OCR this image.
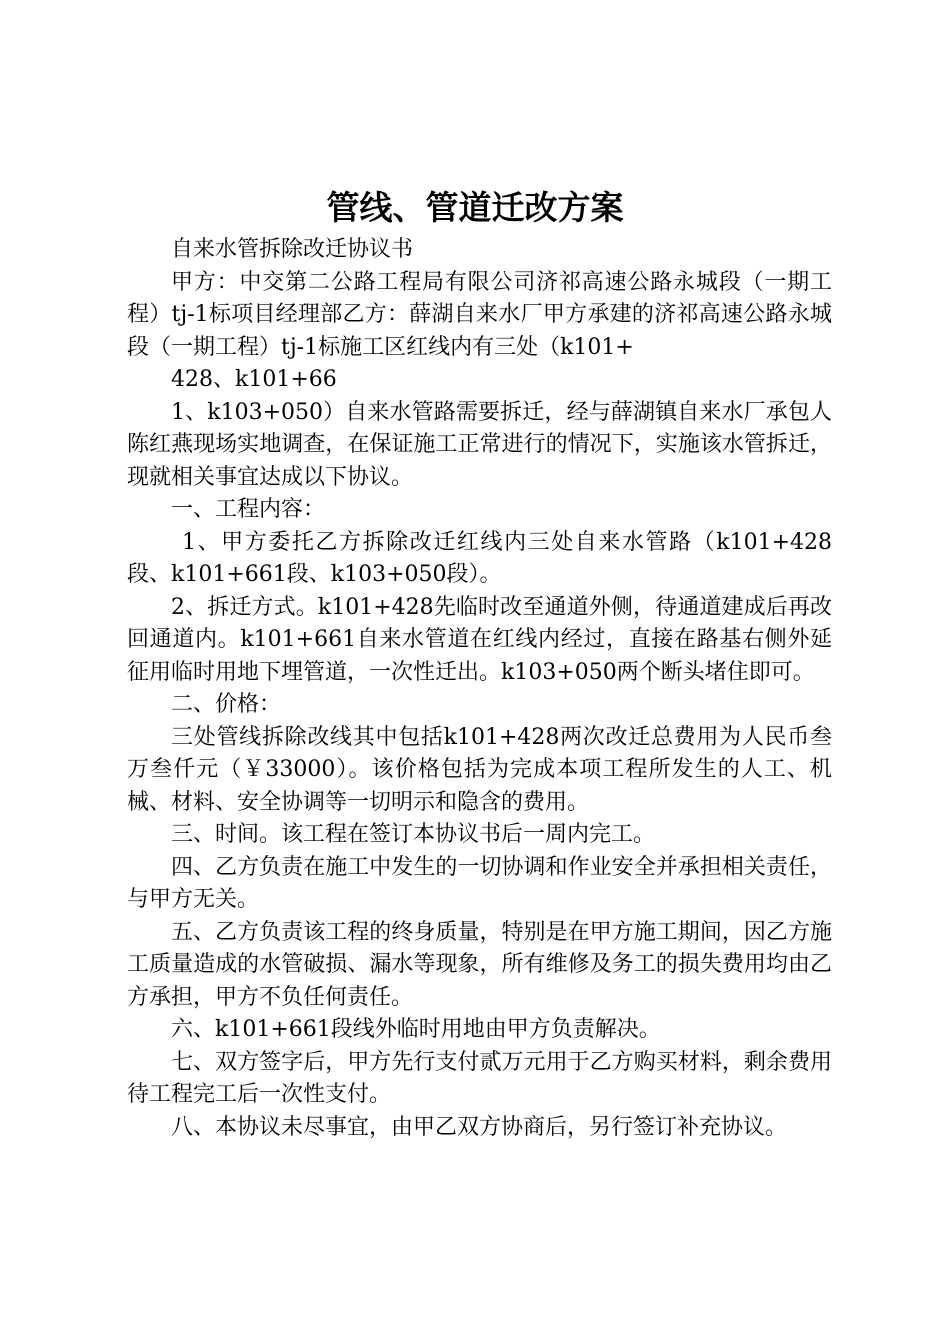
管线、管道迁改方案

自来水管拆除改迁协议书

甲方：中交第二公路工程局有限公司济祁高速公路永城段（一期工程）tj-1标项目经理部乙方：薛湖自来水厂甲方承建的济祁高速公路永城段（一期工程）tj-1标施工区红线内有三处（k101+

428、k101+66

1、k103+050）自来水管路需要拆迁，经与薛湖镇自来水厂承包人陈红燕现场实地调查，在保证施工正常进行的情况下，实施该水管拆迁，现就相关事宜达成以下协议。

一、工程内容：

1、甲方委托乙方拆除改迁红线内三处自来水管路（k101+428段、k101+661段、k103+050段）。

2、拆迁方式。k101+428先临时改至通道外侧，待通道建成后再改回通道内。k101+661自来水管道在红线内经过，直接在路基右侧外延征用临时用地下埋管道，一次性迁出。k103+050两个断头堵住即可。

二、价格：

三处管线拆除改线其中包括k101+428两次改迁总费用为人民币叁万叁仟元（￥33000）。该价格包括为完成本项工程所发生的人工、机械、材料、安全协调等一切明示和隐含的费用。

三、时间。该工程在签订本协议书后一周内完工。

四、乙方负责在施工中发生的一切协调和作业安全并承担相关责任，与甲方无关。

五、乙方负责该工程的终身质量，特别是在甲方施工期间，因乙方施工质量造成的水管破损、漏水等现象，所有维修及务工的损失费用均由乙方承担，甲方不负任何责任。

六、k101+661段线外临时用地由甲方负责解决。

七、双方签字后，甲方先行支付贰万元用于乙方购买材料，剩余费用待工程完工后一次性支付。

八、本协议未尽事宜，由甲乙双方协商后，另行签订补充协议。
